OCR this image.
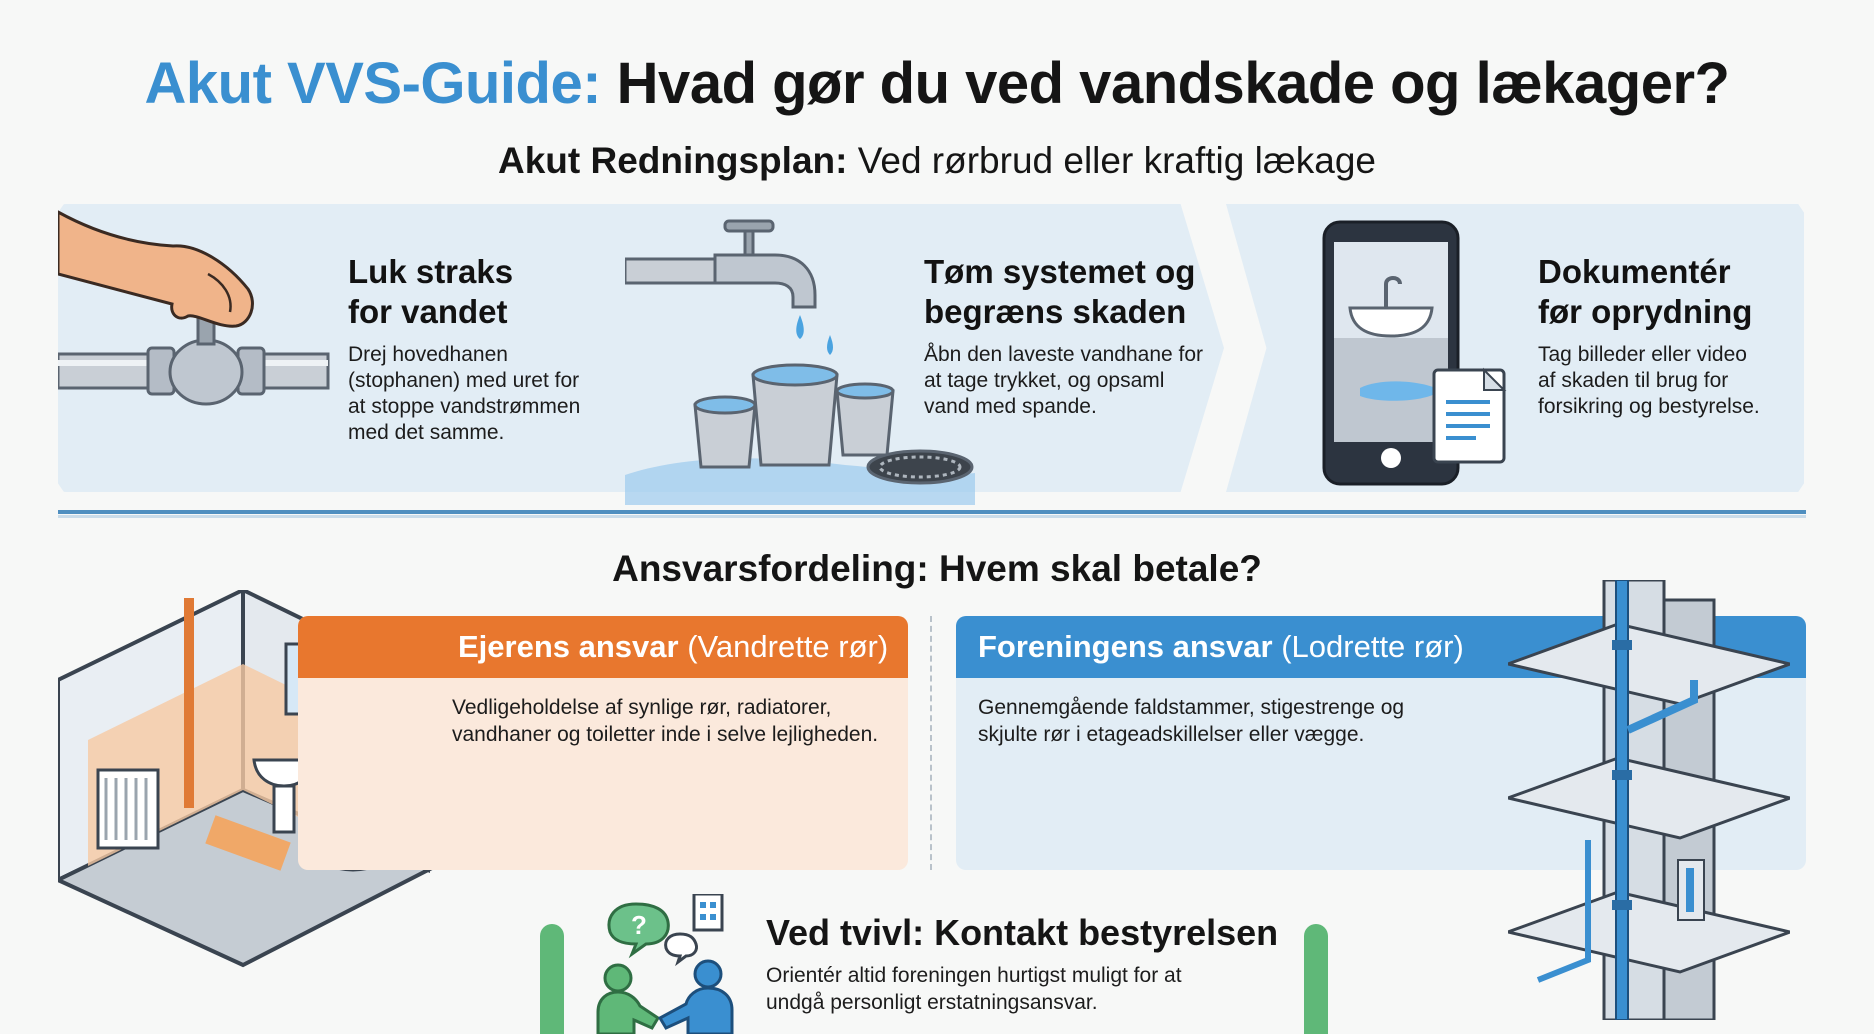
Akut VVS-Guide: Hvad gør du ved vandskade og lækager?
Akut Redningsplan: Ved rørbrud eller kraftig lækage
Luk straks
for vandet
Drej hovedhanen
(stophanen) med uret for
at stoppe vandstrømmen
med det samme.
Tøm systemet og
begræns skaden
Åbn den laveste vandhane for
at tage trykket, og opsaml
vand med spande.
Dokumentér
før oprydning
Tag billeder eller video
af skaden til brug for
forsikring og bestyrelse.
Ansvarsfordeling: Hvem skal betale?
Ejerens ansvar (Vandrette rør)
Vedligeholdelse af synlige rør, radiatorer,
vandhaner og toiletter inde i selve lejligheden.
Foreningens ansvar (Lodrette rør)
Gennemgående faldstammer, stigestrenge og
skjulte rør i etageadskillelser eller vægge.
?	Ved tvivl: Kontakt bestyrelsen
Orientér altid foreningen hurtigst muligt for at
undgå personligt erstatningsansvar.
